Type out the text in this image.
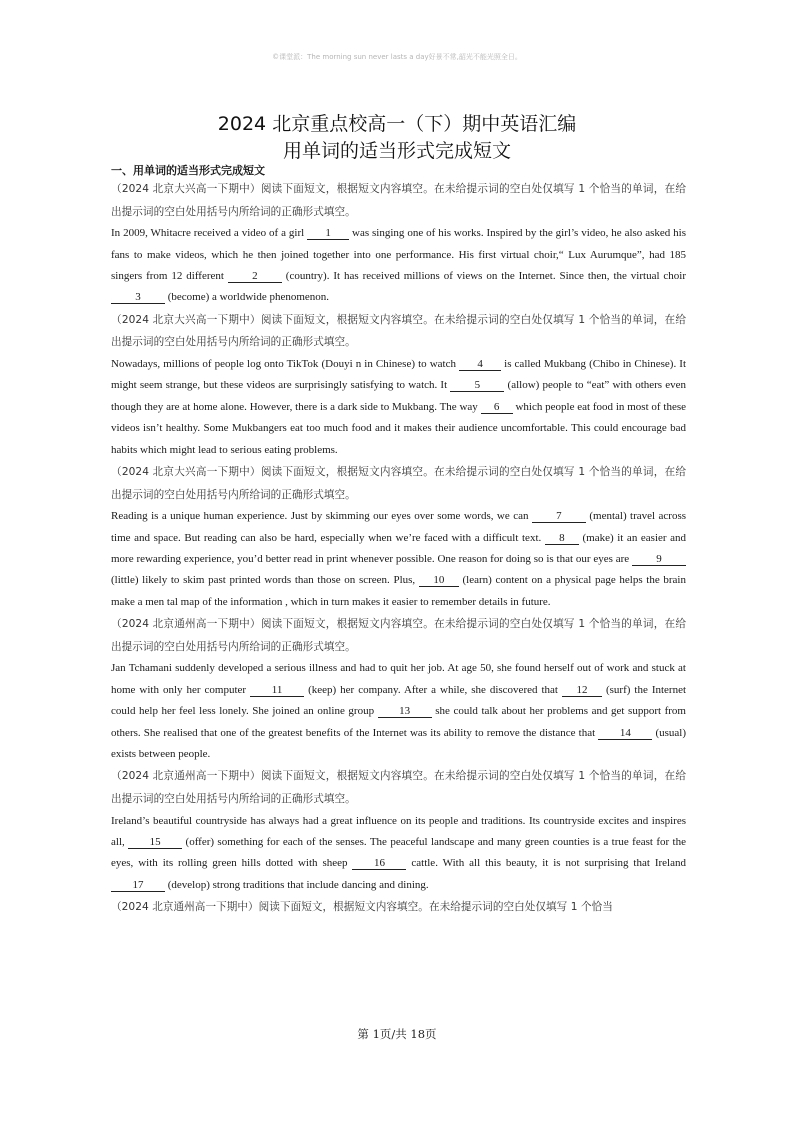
©课堂派：The morning sun never lasts a day好景不常,韶光不能光照全日。
2024 北京重点校高一（下）期中英语汇编
用单词的适当形式完成短文
一、用单词的适当形式完成短文

（2024 北京大兴高一下期中）阅读下面短文，根据短文内容填空。在未给提示词的空白处仅填写 1 个恰当的单词，在给出提示词的空白处用括号内所给词的正确形式填空。

In 2009, Whitacre received a video of a girl 1 was singing one of his works. Inspired by the girl’s video, he also asked his fans to make videos, which he then joined together into one performance. His first virtual choir,“ Lux Aurumque”, had 185 singers from 12 different	2	(country). It has received millions of views on the Internet. Since then, the virtual choir 3 (become) a worldwide phenomenon.

（2024 北京大兴高一下期中）阅读下面短文，根据短文内容填空。在未给提示词的空白处仅填写 1 个恰当的单词，在给出提示词的空白处用括号内所给词的正确形式填空。

Nowadays, millions of people log onto TikTok (Douyi n in Chinese) to watch 4 is called Mukbang (Chibo in Chinese). It might seem strange, but these videos are surprisingly satisfying to watch. It 5 (allow) people to “eat” with others even though they are at home alone. However, there is a dark side to Mukbang. The way 6 which people eat food in most of these videos isn’t healthy. Some Mukbangers eat too much food and it makes their audience uncomfortable. This could encourage bad habits which might lead to serious eating problems.

（2024 北京大兴高一下期中）阅读下面短文，根据短文内容填空。在未给提示词的空白处仅填写 1 个恰当的单词，在给出提示词的空白处用括号内所给词的正确形式填空。

Reading is a unique human experience. Just by skimming our eyes over some words, we can	7	(mental) travel across time and space. But reading can also be hard, especially when we’re faced with a difficult text. 8 (make) it an easier and more rewarding experience, you’d better read in print whenever possible. One reason for doing so is that our eyes are 9 (little) likely to skim past printed words than those on screen. Plus, 10 (learn) content on a physical page helps the brain make a men tal map of the information , which in turn makes it easier to remember details in future.

（2024 北京通州高一下期中）阅读下面短文，根据短文内容填空。在未给提示词的空白处仅填写 1 个恰当的单词，在给出提示词的空白处用括号内所给词的正确形式填空。

Jan Tchamani suddenly developed a serious illness and had to quit her job. At age 50, she found herself out of work and stuck at home with only her computer 11 (keep) her company. After a while, she discovered that 12 (surf) the Internet could help her feel less lonely. She joined an online group 13 she could talk about her problems and get support from others. She realised that one of the greatest benefits of the Internet was its ability to remove the distance that 14 (usual) exists between people.

（2024 北京通州高一下期中）阅读下面短文，根据短文内容填空。在未给提示词的空白处仅填写 1 个恰当的单词，在给出提示词的空白处用括号内所给词的正确形式填空。

Ireland’s beautiful countryside has always had a great influence on its people and traditions. Its countryside excites and inspires all, 15 (offer) something for each of the senses. The peaceful landscape and many green counties is a true feast for the eyes, with its rolling green hills dotted with sheep 16 cattle. With all this beauty, it is not surprising that Ireland 17 (develop) strong traditions that include dancing and dining.

（2024 北京通州高一下期中）阅读下面短文，根据短文内容填空。在未给提示词的空白处仅填写 1 个恰当

第 1页/共 18页
